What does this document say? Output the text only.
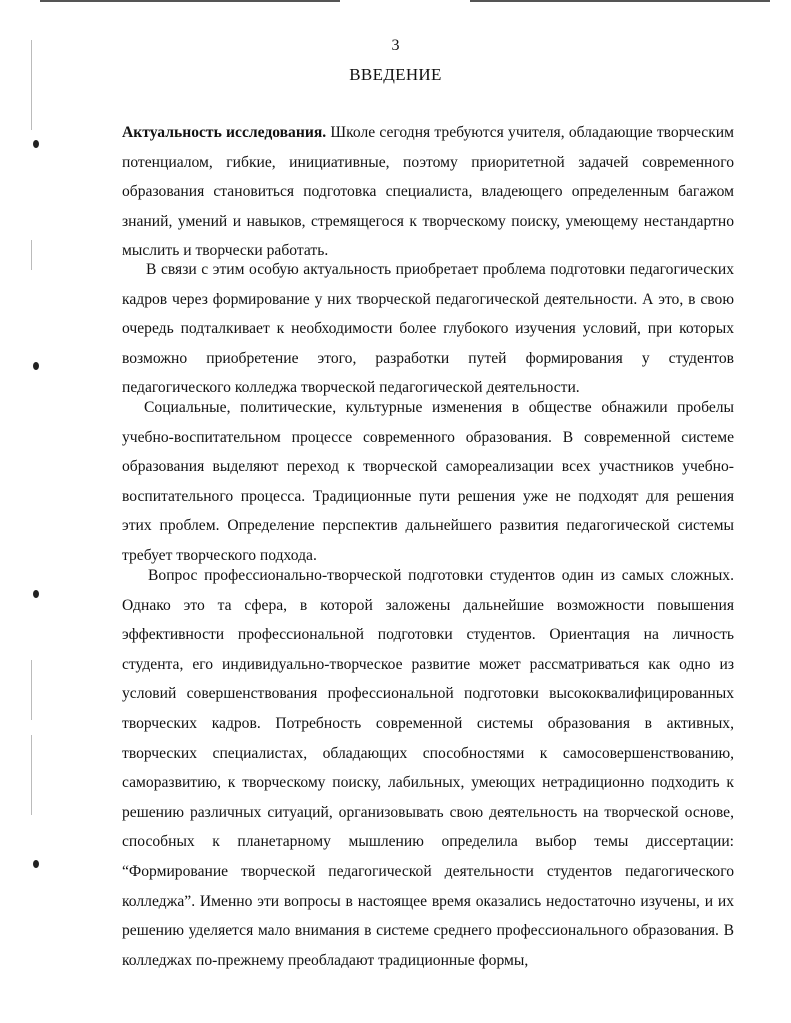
3
ВВЕДЕНИЕ
Актуальность исследования. Школе сегодня требуются учителя, обладающие творческим потенциалом, гибкие, инициативные, поэтому приоритетной задачей современного образования становиться подготовка специалиста, владеющего определенным багажом знаний, умений и навыков, стремящегося к творческому поиску, умеющему нестандартно мыслить и творчески работать.
В связи с этим особую актуальность приобретает проблема подготовки педагогических кадров через формирование у них творческой педагогической деятельности. А это, в свою очередь подталкивает к необходимости более глубокого изучения условий, при которых возможно приобретение этого, разработки путей формирования у студентов педагогического колледжа творческой педагогической деятельности.
Социальные, политические, культурные изменения в обществе обнажили пробелы учебно-воспитательном процессе современного образования. В современной системе образования выделяют переход к творческой самореализации всех участников учебно-воспитательного процесса. Традиционные пути решения уже не подходят для решения этих проблем. Определение перспектив дальнейшего развития педагогической системы требует творческого подхода.
Вопрос профессионально-творческой подготовки студентов один из самых сложных. Однако это та сфера, в которой заложены дальнейшие возможности повышения эффективности профессиональной подготовки студентов. Ориентация на личность студента, его индивидуально-творческое развитие может рассматриваться как одно из условий совершенствования профессиональной подготовки высококвалифицированных творческих кадров. Потребность современной системы образования в активных, творческих специалистах, обладающих способностями к самосовершенствованию, саморазвитию, к творческому поиску, лабильных, умеющих нетрадиционно подходить к решению различных ситуаций, организовывать свою деятельность на творческой основе, способных к планетарному мышлению определила выбор темы диссертации: “Формирование творческой педагогической деятельности студентов педагогического колледжа”. Именно эти вопросы в настоящее время оказались недостаточно изучены, и их решению уделяется мало внимания в системе среднего профессионального образования. В колледжах по-прежнему преобладают традиционные формы,
